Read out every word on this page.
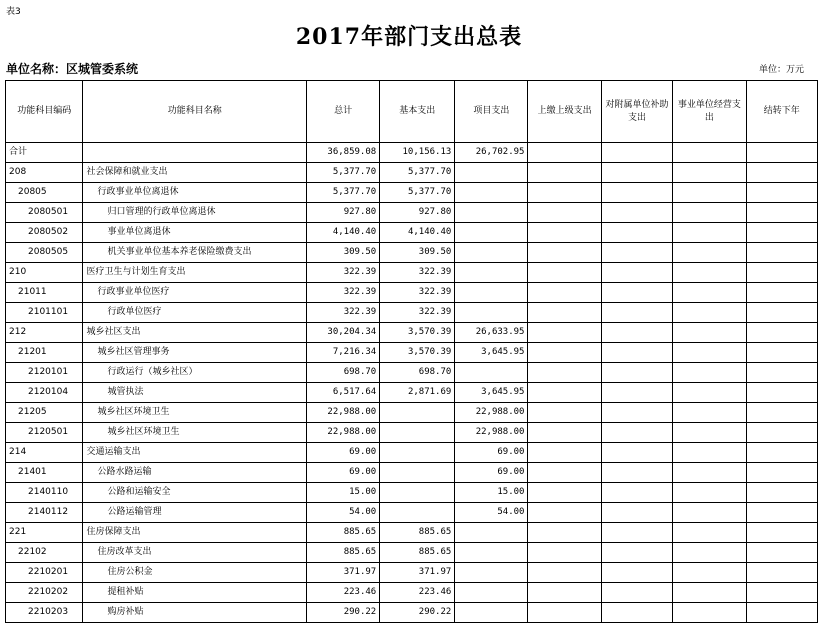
表3
2017年部门支出总表
单位名称：区城管委系统	单位：万元
功能科目编码	功能科目名称	总计	基本支出	项目支出	上缴上级支出	对附属单位补助支出	事业单位经营支出	结转下年
合计		36,859.08	10,156.13	26,702.95				
208	社会保障和就业支出	5,377.70	5,377.70					
20805	行政事业单位离退休	5,377.70	5,377.70					
2080501	归口管理的行政单位离退休	927.80	927.80					
2080502	事业单位离退休	4,140.40	4,140.40					
2080505	机关事业单位基本养老保险缴费支出	309.50	309.50					
210	医疗卫生与计划生育支出	322.39	322.39					
21011	行政事业单位医疗	322.39	322.39					
2101101	行政单位医疗	322.39	322.39					
212	城乡社区支出	30,204.34	3,570.39	26,633.95				
21201	城乡社区管理事务	7,216.34	3,570.39	3,645.95				
2120101	行政运行（城乡社区）	698.70	698.70					
2120104	城管执法	6,517.64	2,871.69	3,645.95				
21205	城乡社区环境卫生	22,988.00		22,988.00				
2120501	城乡社区环境卫生	22,988.00		22,988.00				
214	交通运输支出	69.00		69.00				
21401	公路水路运输	69.00		69.00				
2140110	公路和运输安全	15.00		15.00				
2140112	公路运输管理	54.00		54.00				
221	住房保障支出	885.65	885.65					
22102	住房改革支出	885.65	885.65					
2210201	住房公积金	371.97	371.97					
2210202	提租补贴	223.46	223.46					
2210203	购房补贴	290.22	290.22					
